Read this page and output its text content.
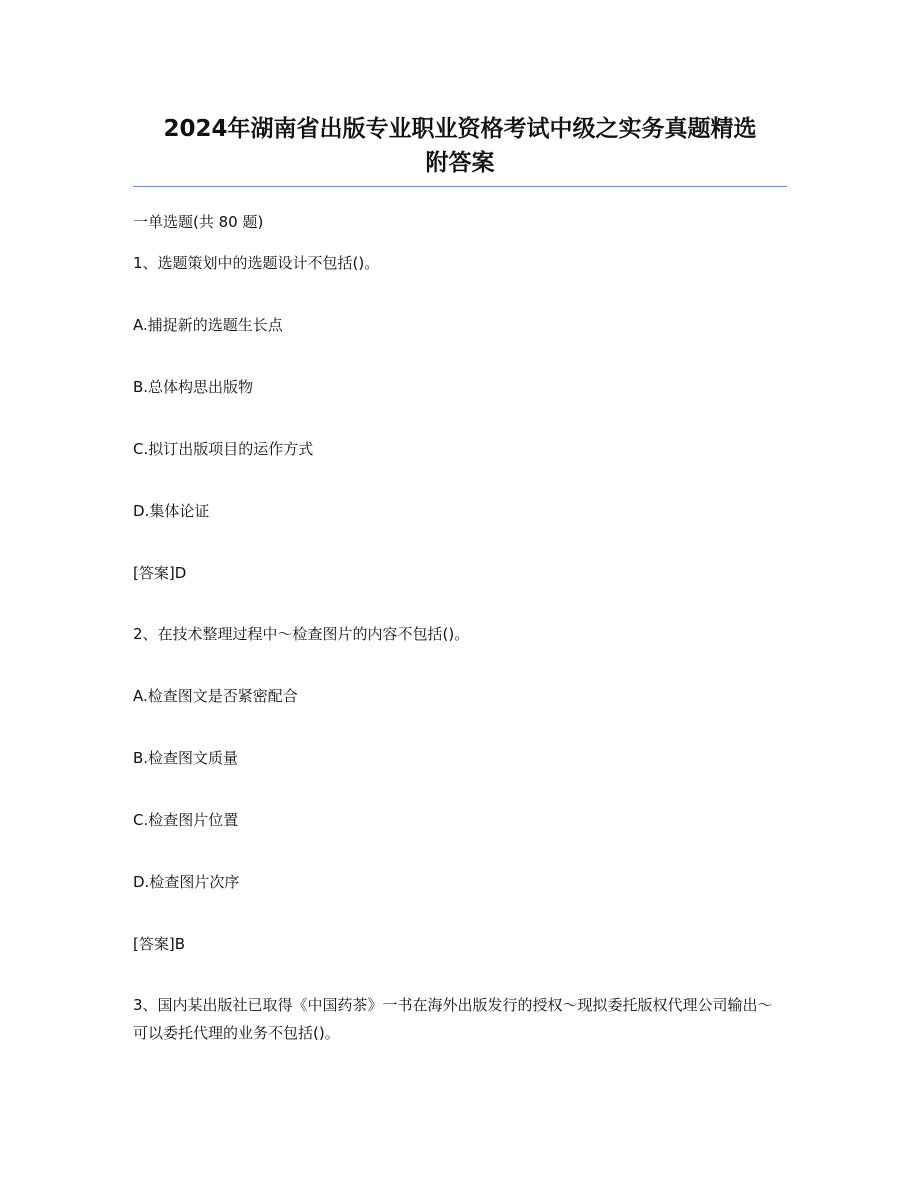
2024年湖南省出版专业职业资格考试中级之实务真题精选
附答案
一单选题(共 80 题)
1、选题策划中的选题设计不包括()。
A.捕捉新的选题生长点
B.总体构思出版物
C.拟订出版项目的运作方式
D.集体论证
[答案]D
2、在技术整理过程中～检查图片的内容不包括()。
A.检查图文是否紧密配合
B.检查图文质量
C.检查图片位置
D.检查图片次序
[答案]B
3、国内某出版社已取得《中国药茶》一书在海外出版发行的授权～现拟委托版权代理公司输出～可以委托代理的业务不包括()。
